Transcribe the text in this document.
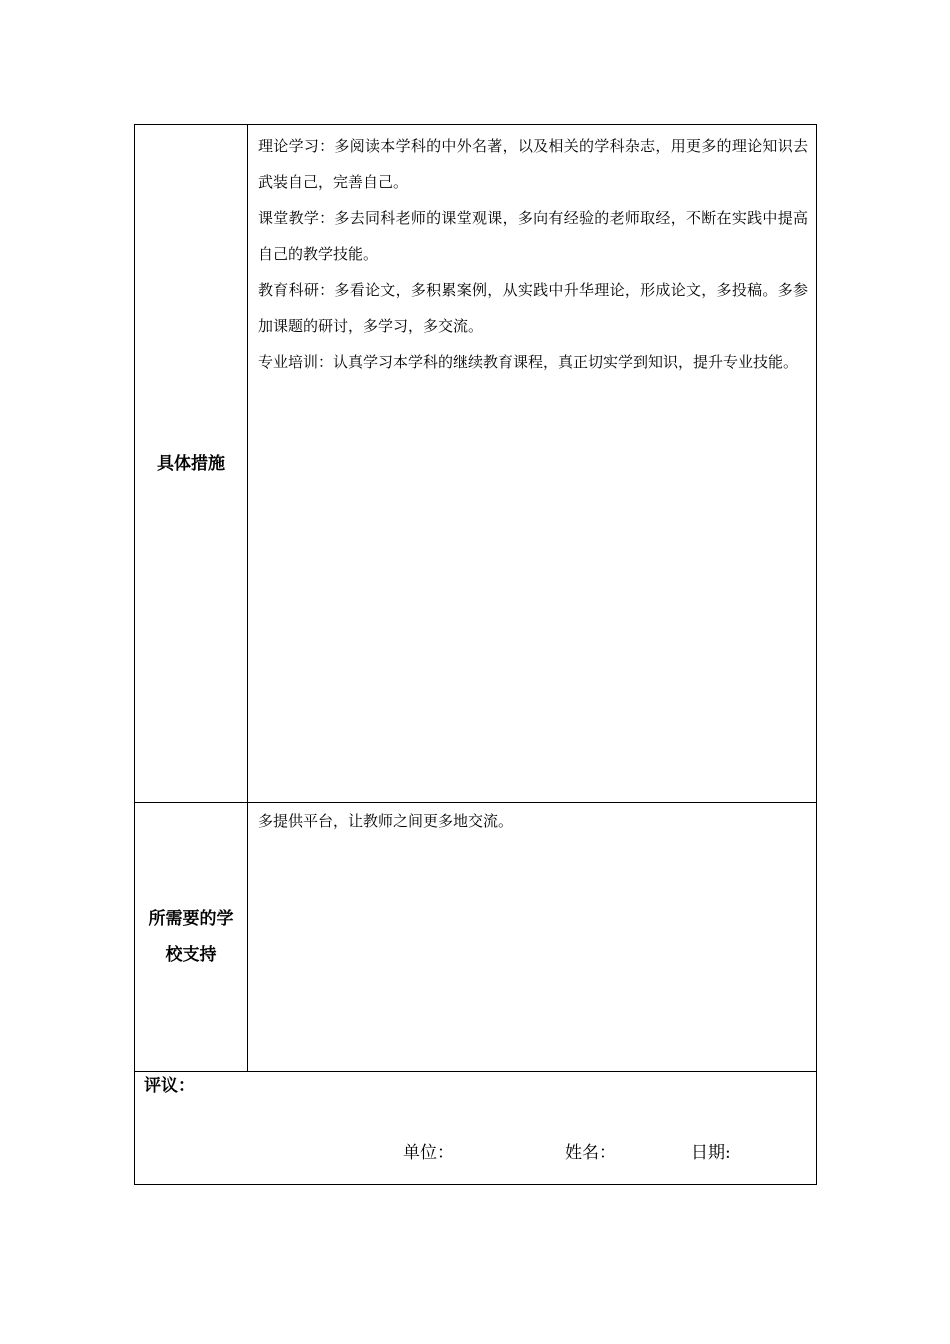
具体措施	理论学习：多阅读本学科的中外名著，以及相关的学科杂志，用更多的理论知识去武装自己，完善自己。

课堂教学：多去同科老师的课堂观课，多向有经验的老师取经，不断在实践中提高自己的教学技能。

教育科研：多看论文，多积累案例，从实践中升华理论，形成论文，多投稿。多参加课题的研讨，多学习，多交流。

专业培训：认真学习本学科的继续教育课程，真正切实学到知识，提升专业技能。

所需要的学
校支持	多提供平台，让教师之间更多地交流。

评议：
单位： 姓名： 日期:	
